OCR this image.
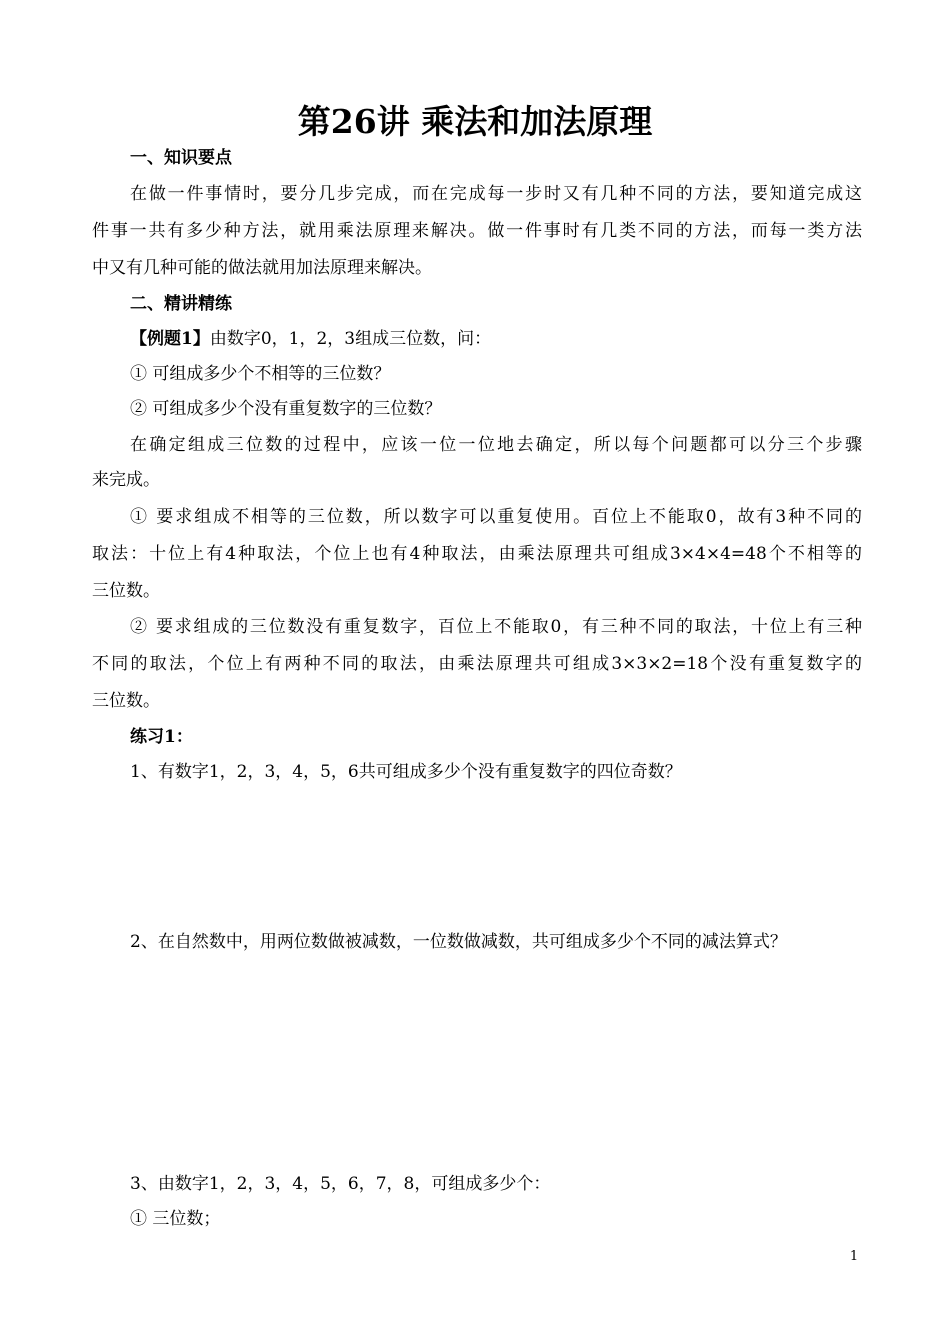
第26讲 乘法和加法原理
一、知识要点
在做一件事情时，要分几步完成，而在完成每一步时又有几种不同的方法，要知道完成这
件事一共有多少种方法，就用乘法原理来解决。做一件事时有几类不同的方法，而每一类方法
中又有几种可能的做法就用加法原理来解决。
二、精讲精练
【例题1】由数字0，1，2，3组成三位数，问：
① 可组成多少个不相等的三位数？
② 可组成多少个没有重复数字的三位数？
在确定组成三位数的过程中，应该一位一位地去确定，所以每个问题都可以分三个步骤
来完成。
① 要求组成不相等的三位数，所以数字可以重复使用。百位上不能取0，故有3种不同的
取法：十位上有4种取法，个位上也有4种取法，由乘法原理共可组成3×4×4=48个不相等的
三位数。
② 要求组成的三位数没有重复数字，百位上不能取0，有三种不同的取法，十位上有三种
不同的取法，个位上有两种不同的取法，由乘法原理共可组成3×3×2=18个没有重复数字的
三位数。
练习1：
1、有数字1，2，3，4，5，6共可组成多少个没有重复数字的四位奇数？
2、在自然数中，用两位数做被减数，一位数做减数，共可组成多少个不同的减法算式？
3、由数字1，2，3，4，5，6，7，8，可组成多少个：
① 三位数；
1
